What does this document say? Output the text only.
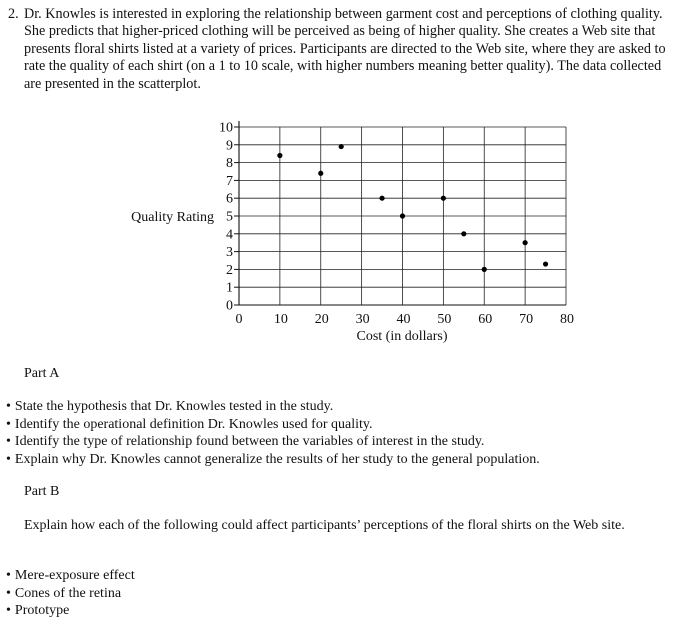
2. Dr. Knowles is interested in exploring the relationship between garment cost and perceptions of clothing quality. She predicts that higher-priced clothing will be perceived as being of higher quality. She creates a Web site that presents floral shirts listed at a variety of prices. Participants are directed to the Web site, where they are asked to rate the quality of each shirt (on a 1 to 10 scale, with higher numbers meaning better quality). The data collected are presented in the scatterplot.
0 10 20 30 40 50 60 70 80
0
1
2
3
4
5
6
7
8
9
10
Quality Rating
Cost (in dollars)
Part A
• State the hypothesis that Dr. Knowles tested in the study.
• Identify the operational definition Dr. Knowles used for quality.
• Identify the type of relationship found between the variables of interest in the study.
• Explain why Dr. Knowles cannot generalize the results of her study to the general population.
Part B

Explain how each of the following could affect participants’ perceptions of the floral shirts on the Web site.

• Mere-exposure effect
• Cones of the retina
• Prototype
